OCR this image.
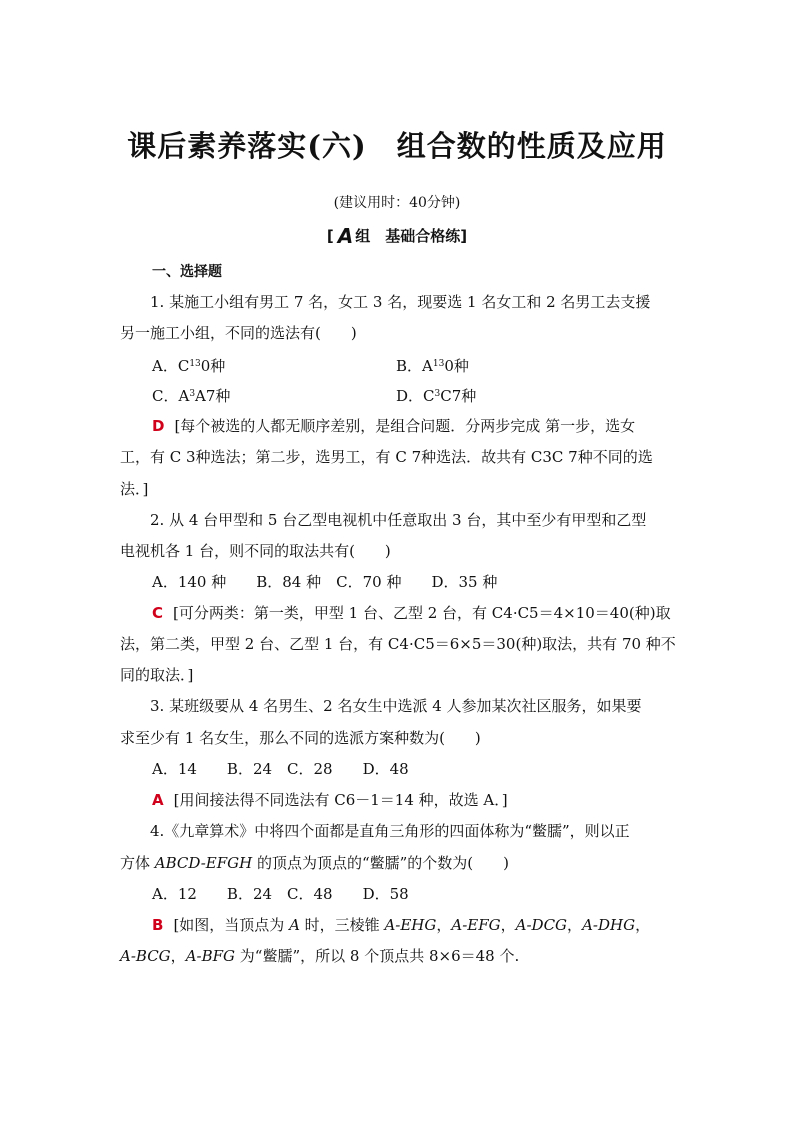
课后素养落实(六) 组合数的性质及应用
(建议用时：40分钟)
[ A 组　基础合格练]
一、选择题
1. 某施工小组有男工 7 名，女工 3 名，现要选 1 名女工和 2 名男工去支援
另一施工小组，不同的选法有(　　)
A．$C^{13}0$种	B．$A^{13}0$种
C．$A^3A7$种	D．$C^3C7$种
D [每个被选的人都无顺序差别，是组合问题．分两步完成 第一步，选女
工，有 C 3种选法；第二步，选男工，有 C 7种选法．故共有 C3C 7种不同的选
法．]
2. 从 4 台甲型和 5 台乙型电视机中任意取出 3 台，其中至少有甲型和乙型
电视机各 1 台，则不同的取法共有(　　)
A．140 种　　B．84 种　C．70 种　　D．35 种
C [可分两类：第一类，甲型 1 台、乙型 2 台，有 C4·C5＝4×10＝40(种)取
法，第二类，甲型 2 台、乙型 1 台，有 C4·C5＝6×5＝30(种)取法，共有 70 种不
同的取法．]
3. 某班级要从 4 名男生、2 名女生中选派 4 人参加某次社区服务，如果要
求至少有 1 名女生，那么不同的选派方案种数为(　　)
A．14　　B．24　C．28　　D．48
A [用间接法得不同选法有 C6－1＝14 种，故选 A．]
4.《九章算术》中将四个面都是直角三角形的四面体称为“鳖臑”，则以正
方体 ABCD-EFGH 的顶点为顶点的“鳖臑”的个数为(　　)
A．12　　B．24　C．48　　D．58
B [如图，当顶点为 A 时，三棱锥 A-EHG，A-EFG，A-DCG，A-DHG，
A-BCG，A-BFG 为“鳖臑”，所以 8 个顶点共 8×6＝48 个.
